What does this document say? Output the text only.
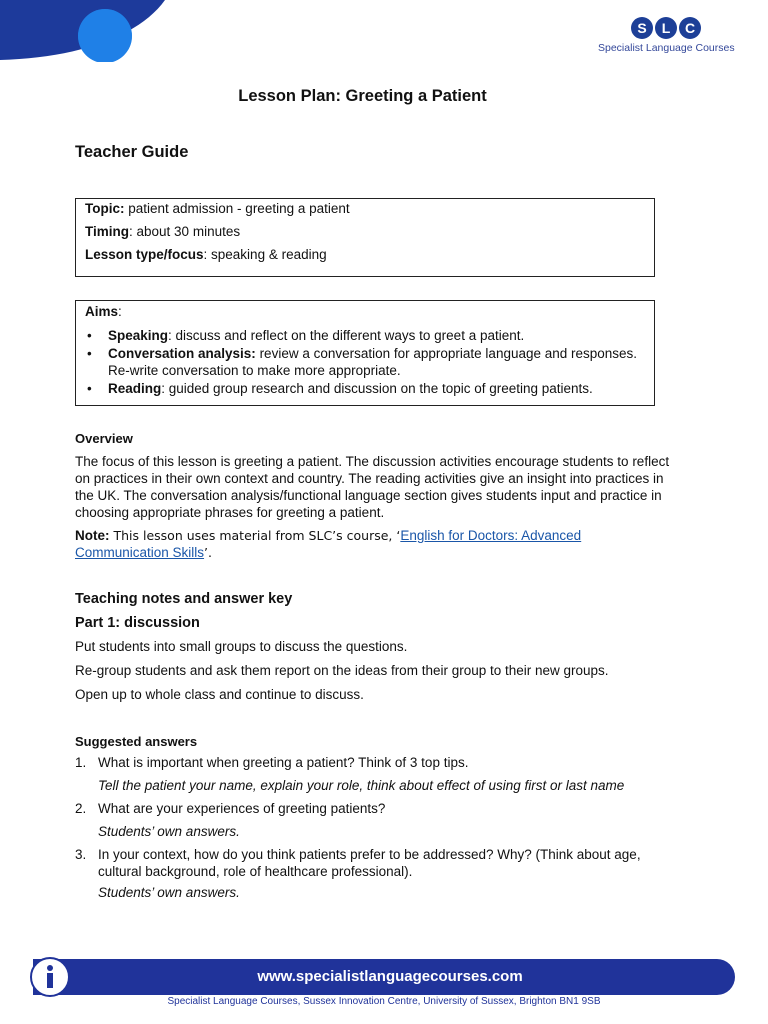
S	L	C
Specialist Language Courses
Lesson Plan: Greeting a Patient
Teacher Guide
Topic: patient admission - greeting a patient
Timing: about 30 minutes
Lesson type/focus: speaking & reading
Aims:
• Speaking: discuss and reflect on the different ways to greet a patient.
• Conversation analysis: review a conversation for appropriate language and responses. Re-write conversation to make more appropriate.
• Reading: guided group research and discussion on the topic of greeting patients.
Overview
The focus of this lesson is greeting a patient. The discussion activities encourage students to reflect on practices in their own context and country. The reading activities give an insight into practices in the UK. The conversation analysis/functional language section gives students input and practice in choosing appropriate phrases for greeting a patient.
Note: This lesson uses material from SLC’s course, ‘English for Doctors: Advanced Communication Skills’.
Teaching notes and answer key
Part 1: discussion
Put students into small groups to discuss the questions.
Re-group students and ask them report on the ideas from their group to their new groups.
Open up to whole class and continue to discuss.
Suggested answers
1. What is important when greeting a patient? Think of 3 top tips.
Tell the patient your name, explain your role, think about effect of using first or last name
2. What are your experiences of greeting patients?
Students’ own answers.
3. In your context, how do you think patients prefer to be addressed? Why? (Think about age, cultural background, role of healthcare professional).
Students’ own answers.
www.specialistlanguagecourses.com
Specialist Language Courses, Sussex Innovation Centre, University of Sussex, Brighton BN1 9SB
